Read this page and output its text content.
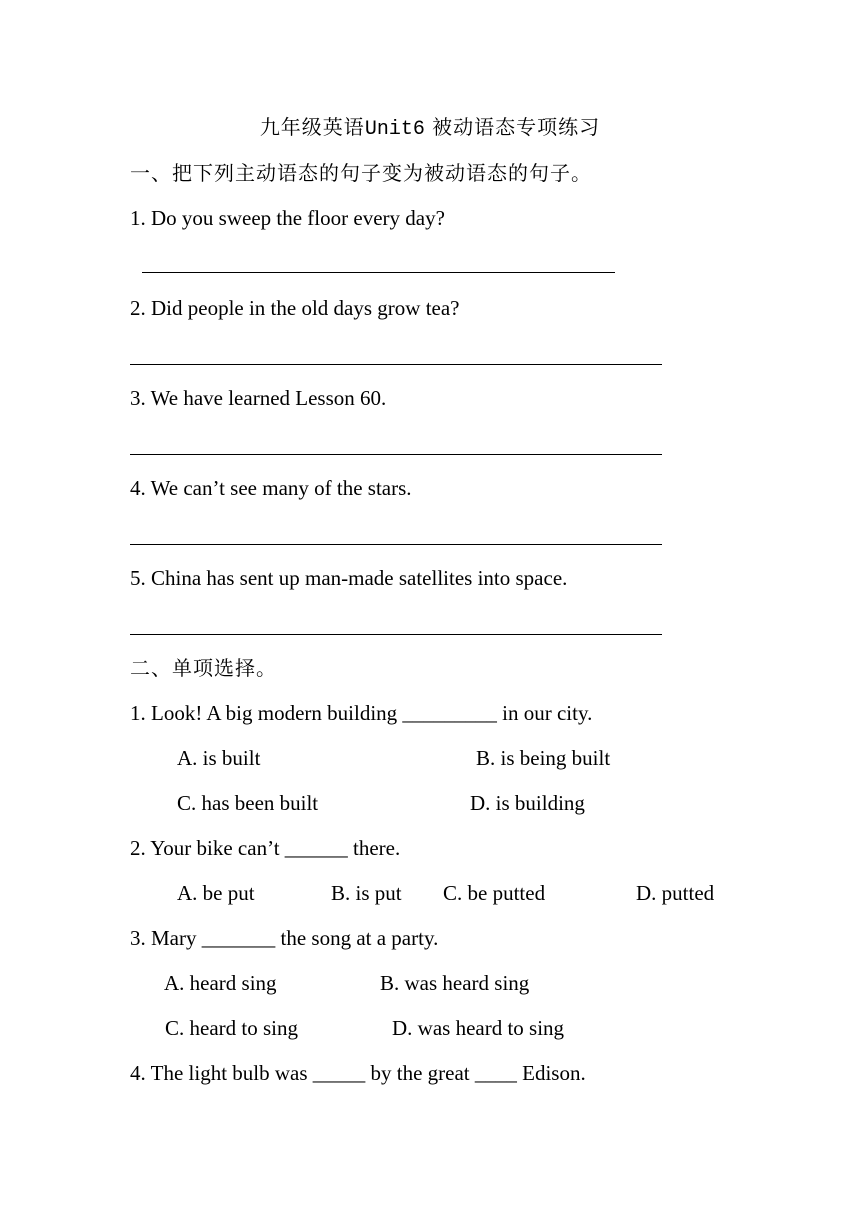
九年级英语Unit6 被动语态专项练习
一、把下列主动语态的句子变为被动语态的句子。
1. Do you sweep the floor every day?
2. Did people in the old days grow tea?
3. We have learned Lesson 60.
4. We can’t see many of the stars.
5. China has sent up man-made satellites into space.
二、单项选择。
1. Look! A big modern building _________ in our city.
A. is built	B. is being built
C. has been built	D. is building
2. Your bike can’t ______ there.
A. be put	B. is put C. be putted	D. putted
3. Mary _______ the song at a party.
A. heard sing	B. was heard sing
C. heard to sing	D. was heard to sing
4. The light bulb was _____ by the great ____ Edison.
